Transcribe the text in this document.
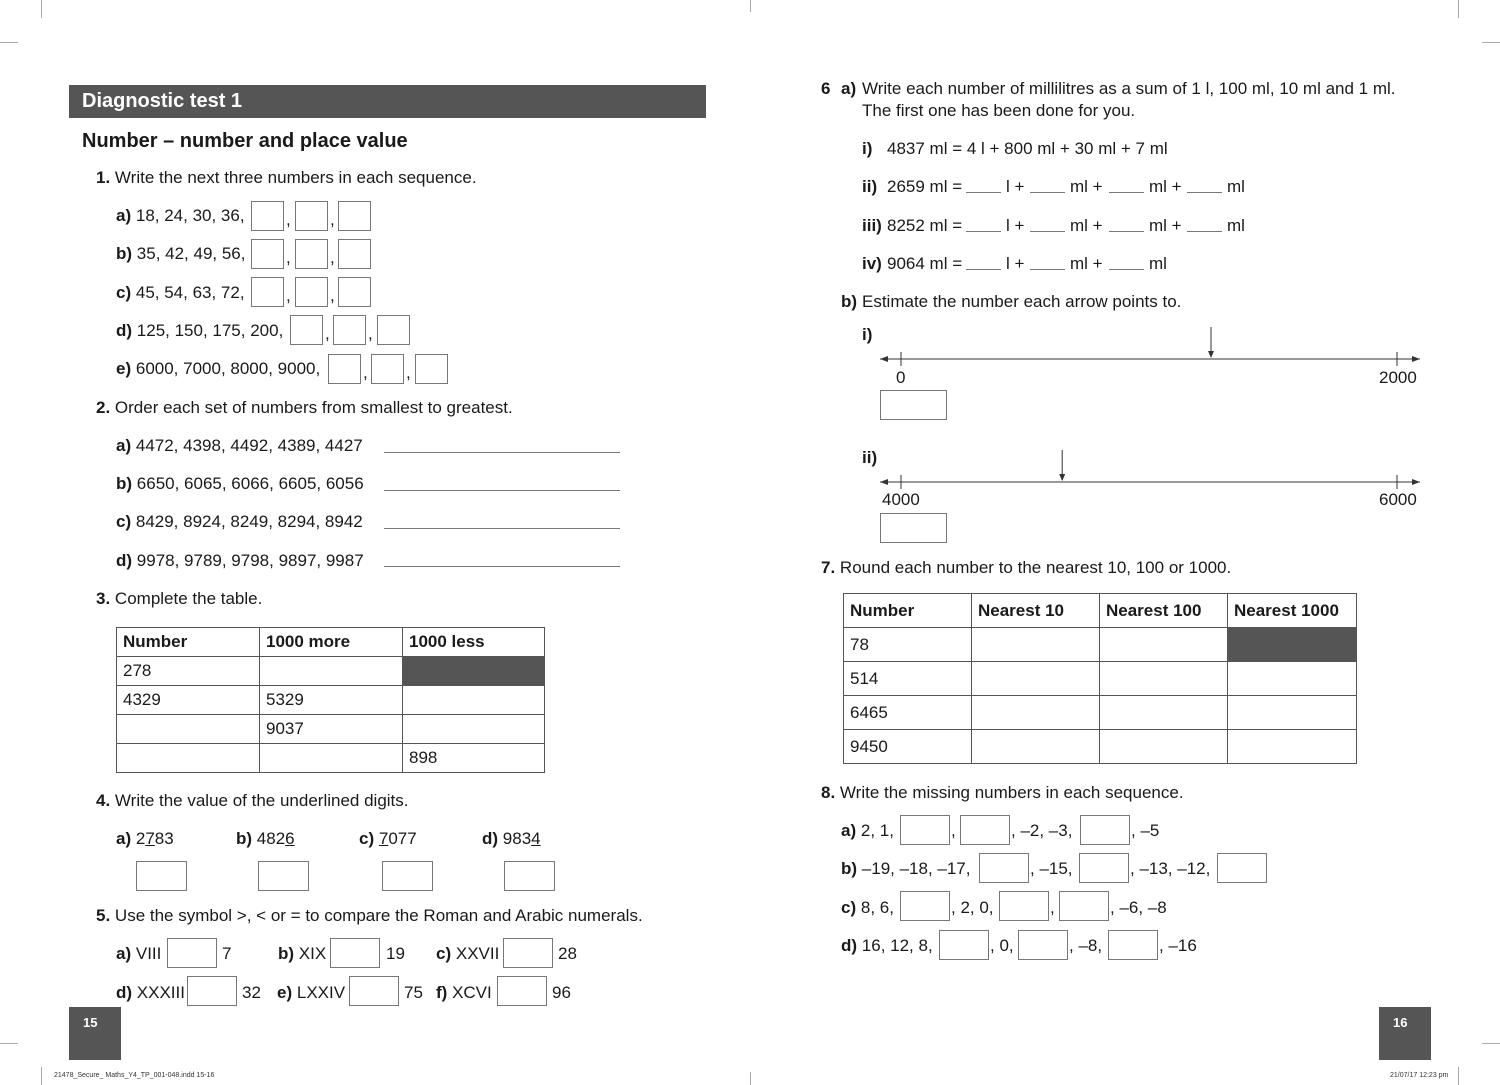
Diagnostic test 1
Number – number and place value
1. Write the next three numbers in each sequence.
a) 18, 24, 30, 36, , ,
b) 35, 42, 49, 56, , ,
c) 45, 54, 63, 72, , ,
d) 125, 150, 175, 200, , ,
e) 6000, 7000, 8000, 9000,	, ,
2. Order each set of numbers from smallest to greatest.
a) 4472, 4398, 4492, 4389, 4427
b) 6650, 6065, 6066, 6605, 6056
c) 8429, 8924, 8249, 8294, 8942
d) 9978, 9789, 9798, 9897, 9987
3. Complete the table.
Number	1000 more	1000 less
278		
4329	5329	
	9037	
		898
4. Write the value of the underlined digits.
a) 2783	b) 4826	c) 7077	d) 9834
5. Use the symbol >, < or = to compare the Roman and Arabic numerals.
a) VIII	7	b) XIX	19 c) XXVII	28
d) XXXIII	32 e) LXXIV	75 f) XCVI	96
15
6 a) Write each number of millilitres as a sum of 1 l, 100 ml, 10 ml and 1 ml.
The first one has been done for you.
i) 4837 ml = 4 l + 800 ml + 30 ml + 7 ml
ii) 2659 ml =	l +	ml +	ml +	ml
iii) 8252 ml =	l +	ml +	ml +	ml
iv) 9064 ml =	l +	ml +	ml
b) Estimate the number each arrow points to.
i)
0	2000
ii)
4000	6000
7. Round each number to the nearest 10, 100 or 1000.
Number	Nearest 10	Nearest 100	Nearest 1000
78			
514			
6465			
9450			
8. Write the missing numbers in each sequence.
a) 2, 1,	,	, –2, –3,	, –5
b) –19, –18, –17,	, –15,	, –13, –12,
c) 8, 6,	, 2, 0,	,	, –6, –8
d) 16, 12, 8,	, 0,	, –8,	, –16
16
21478_Secure_ Maths_Y4_TP_001-048.indd 15-16	21/07/17 12:23 pm
